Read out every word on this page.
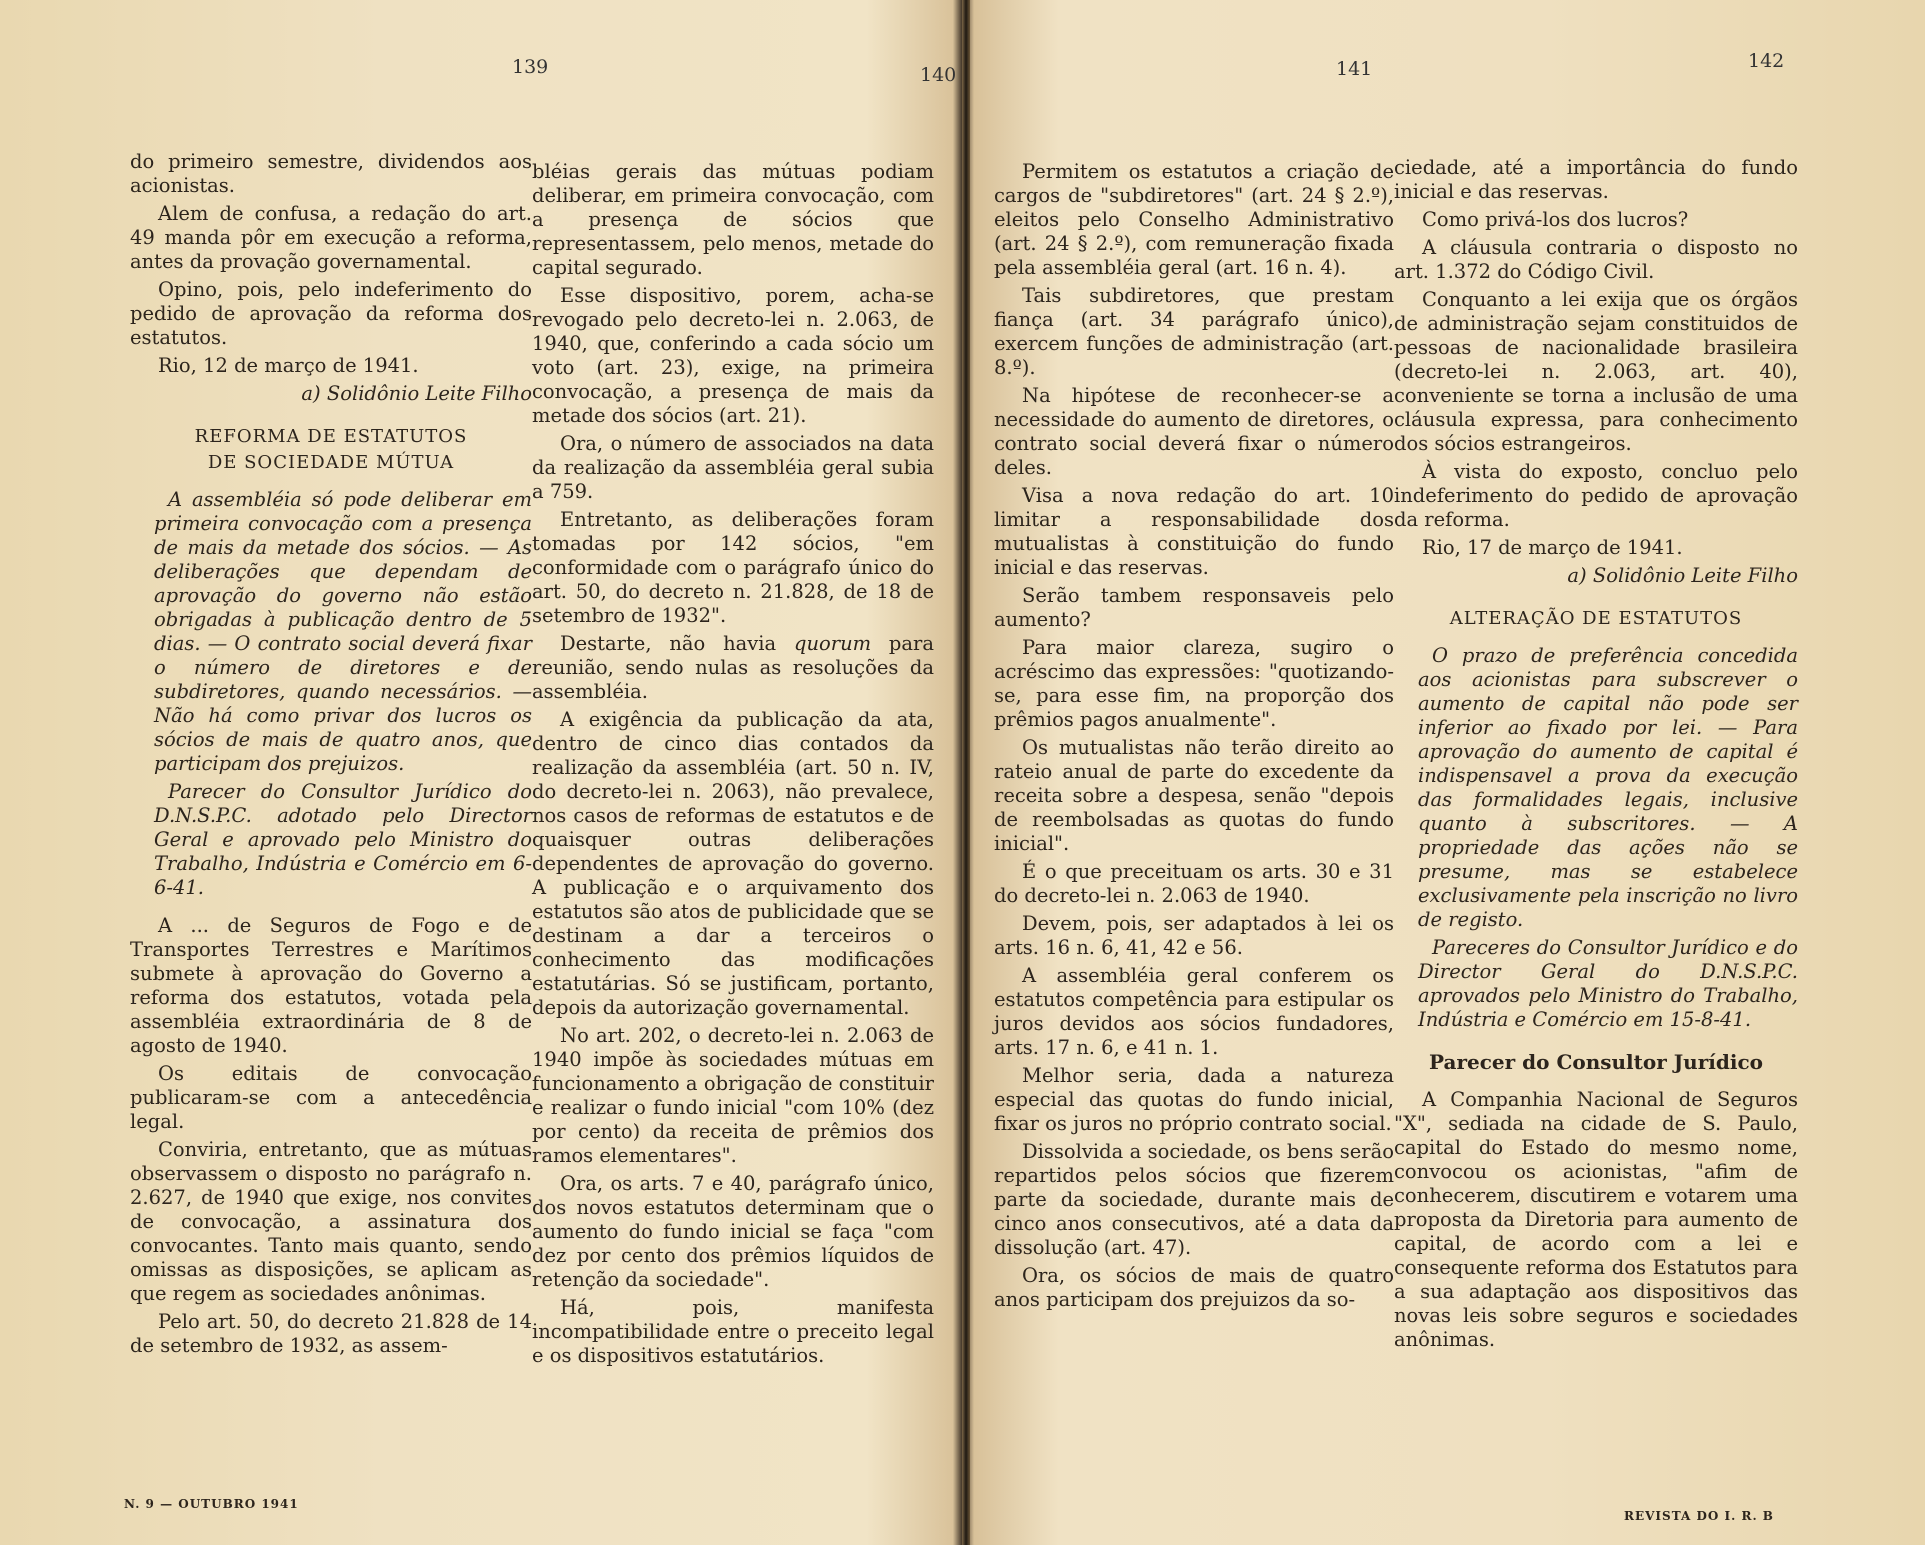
139	140	141	142

do primeiro semestre, dividendos aos acionistas.

Alem de confusa, a redação do art. 49 manda pôr em execução a reforma, antes da provação governamental.

Opino, pois, pelo indeferimento do pedido de aprovação da reforma dos estatutos.

Rio, 12 de março de 1941.

a) Solidônio Leite Filho

REFORMA DE ESTATUTOS
DE SOCIEDADE MÚTUA

A assembléia só pode deliberar em primeira convocação com a presença de mais da metade dos sócios. — As deliberações que dependam de aprovação do governo não estão obrigadas à publicação dentro de 5 dias. — O contrato social deverá fixar o número de diretores e de subdiretores, quando necessários. — Não há como privar dos lucros os sócios de mais de quatro anos, que participam dos prejuizos.

Parecer do Consultor Jurídico do D.N.S.P.C. adotado pelo Director Geral e aprovado pelo Ministro do Trabalho, Indústria e Comércio em 6-6-41.

A ... de Seguros de Fogo e de Transportes Terrestres e Marítimos submete à aprovação do Governo a reforma dos estatutos, votada pela assembléia extraordinária de 8 de agosto de 1940.

Os editais de convocação publicaram-se com a antecedência legal.

Conviria, entretanto, que as mútuas observassem o disposto no parágrafo n. 2.627, de 1940 que exige, nos convites de convocação, a assinatura dos convocantes. Tanto mais quanto, sendo omissas as disposições, se aplicam as que regem as sociedades anônimas.

Pelo art. 50, do decreto 21.828 de 14 de setembro de 1932, as assem-

bléias gerais das mútuas podiam deliberar, em primeira convocação, com a presença de sócios que representassem, pelo menos, metade do capital segurado.

Esse dispositivo, porem, acha-se revogado pelo decreto-lei n. 2.063, de 1940, que, conferindo a cada sócio um voto (art. 23), exige, na primeira convocação, a presença de mais da metade dos sócios (art. 21).

Ora, o número de associados na data da realização da assembléia geral subia a 759.

Entretanto, as deliberações foram tomadas por 142 sócios, "em conformidade com o parágrafo único do art. 50, do decreto n. 21.828, de 18 de setembro de 1932".

Destarte, não havia quorum para reunião, sendo nulas as resoluções da assembléia.

A exigência da publicação da ata, dentro de cinco dias contados da realização da assembléia (art. 50 n. IV, do decreto-lei n. 2063), não prevalece, nos casos de reformas de estatutos e de quaisquer outras deliberações dependentes de aprovação do governo. A publicação e o arquivamento dos estatutos são atos de publicidade que se destinam a dar a terceiros o conhecimento das modificações estatutárias. Só se justificam, portanto, depois da autorização governamental.

No art. 202, o decreto-lei n. 2.063 de 1940 impõe às sociedades mútuas em funcionamento a obrigação de constituir e realizar o fundo inicial "com 10% (dez por cento) da receita de prêmios dos ramos elementares".

Ora, os arts. 7 e 40, parágrafo único, dos novos estatutos determinam que o aumento do fundo inicial se faça "com dez por cento dos prêmios líquidos de retenção da sociedade".

Há, pois, manifesta incompatibilidade entre o preceito legal e os dispositivos estatutários.

Permitem os estatutos a criação de cargos de "subdiretores" (art. 24 § 2.º), eleitos pelo Conselho Administrativo (art. 24 § 2.º), com remuneração fixada pela assembléia geral (art. 16 n. 4).

Tais subdiretores, que prestam fiança (art. 34 parágrafo único), exercem funções de administração (art. 8.º).

Na hipótese de reconhecer-se a necessidade do aumento de diretores, o contrato social deverá fixar o número deles.

Visa a nova redação do art. 10 limitar a responsabilidade dos mutualistas à constituição do fundo inicial e das reservas.

Serão tambem responsaveis pelo aumento?

Para maior clareza, sugiro o acréscimo das expressões: "quotizando-se, para esse fim, na proporção dos prêmios pagos anualmente".

Os mutualistas não terão direito ao rateio anual de parte do excedente da receita sobre a despesa, senão "depois de reembolsadas as quotas do fundo inicial".

É o que preceituam os arts. 30 e 31 do decreto-lei n. 2.063 de 1940.

Devem, pois, ser adaptados à lei os arts. 16 n. 6, 41, 42 e 56.

A assembléia geral conferem os estatutos competência para estipular os juros devidos aos sócios fundadores, arts. 17 n. 6, e 41 n. 1.

Melhor seria, dada a natureza especial das quotas do fundo inicial, fixar os juros no próprio contrato social.

Dissolvida a sociedade, os bens serão repartidos pelos sócios que fizerem parte da sociedade, durante mais de cinco anos consecutivos, até a data da dissolução (art. 47).

Ora, os sócios de mais de quatro anos participam dos prejuizos da so-

ciedade, até a importância do fundo inicial e das reservas.

Como privá-los dos lucros?

A cláusula contraria o disposto no art. 1.372 do Código Civil.

Conquanto a lei exija que os órgãos de administração sejam constituidos de pessoas de nacionalidade brasileira (decreto-lei n. 2.063, art. 40), conveniente se torna a inclusão de uma cláusula expressa, para conhecimento dos sócios estrangeiros.

À vista do exposto, concluo pelo indeferimento do pedido de aprovação da reforma.

Rio, 17 de março de 1941.

a) Solidônio Leite Filho

ALTERAÇÃO DE ESTATUTOS

O prazo de preferência concedida aos acionistas para subscrever o aumento de capital não pode ser inferior ao fixado por lei. — Para aprovação do aumento de capital é indispensavel a prova da execução das formalidades legais, inclusive quanto à subscritores. — A propriedade das ações não se presume, mas se estabelece exclusivamente pela inscrição no livro de registo.

Pareceres do Consultor Jurídico e do Director Geral do D.N.S.P.C. aprovados pelo Ministro do Trabalho, Indústria e Comércio em 15-8-41.

Parecer do Consultor Jurídico

A Companhia Nacional de Seguros "X", sediada na cidade de S. Paulo, capital do Estado do mesmo nome, convocou os acionistas, "afim de conhecerem, discutirem e votarem uma proposta da Diretoria para aumento de capital, de acordo com a lei e consequente reforma dos Estatutos para a sua adaptação aos dispositivos das novas leis sobre seguros e sociedades anônimas.

N. 9 — OUTUBRO 1941
REVISTA DO I. R. B
